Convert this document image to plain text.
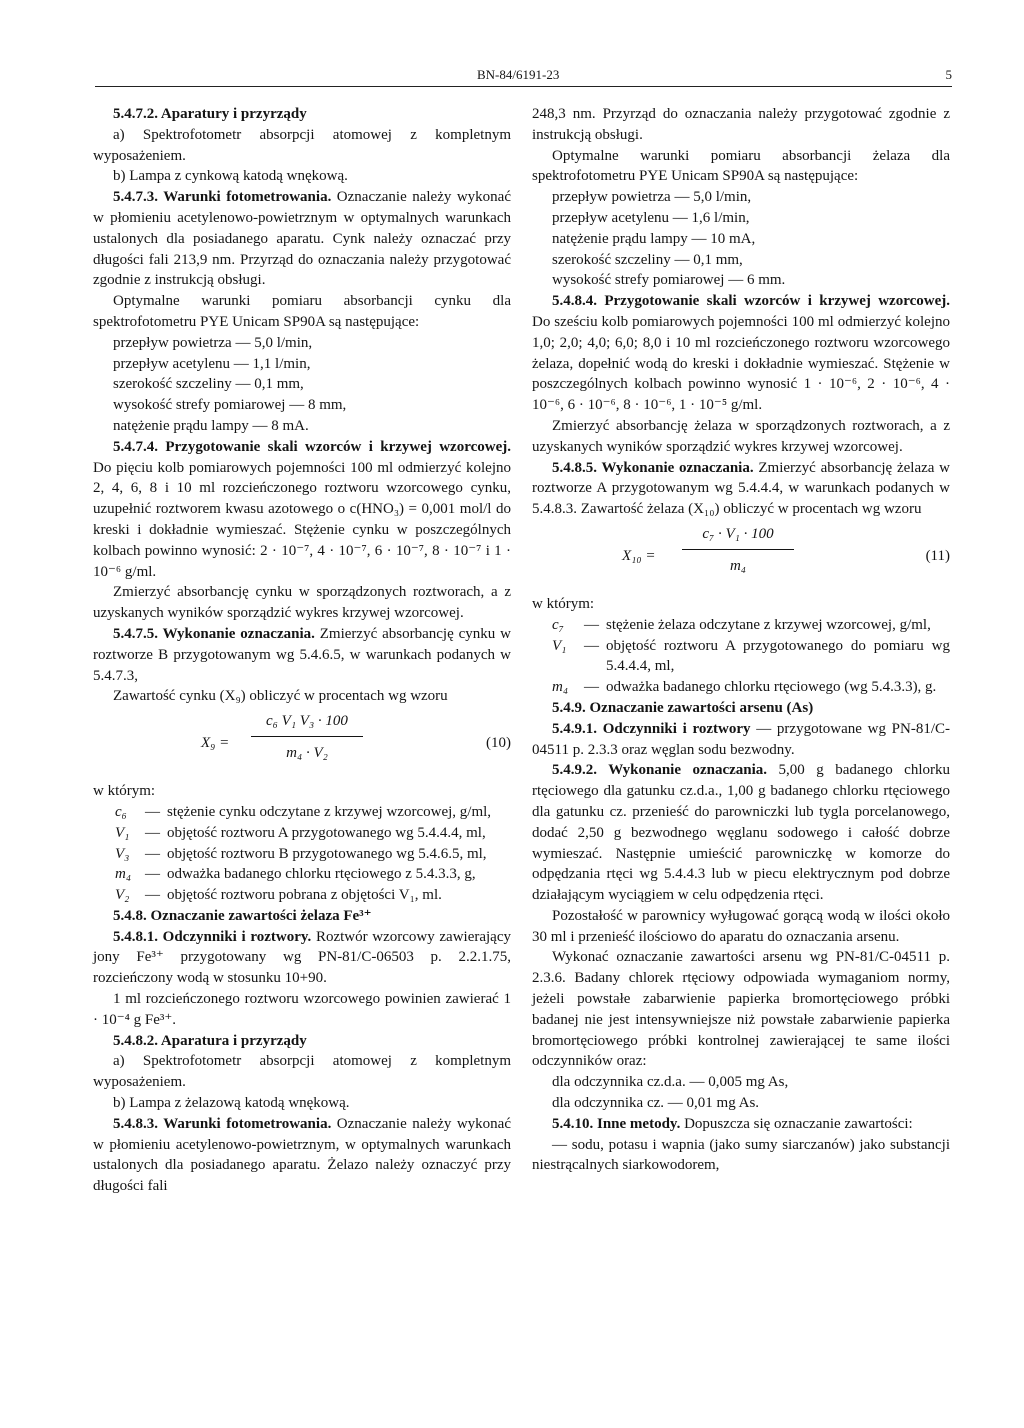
BN-84/6191-23	5

5.4.7.2. Aparatury i przyrządy

a) Spektrofotometr absorpcji atomowej z kompletnym wyposażeniem.

b) Lampa z cynkową katodą wnękową.

5.4.7.3. Warunki fotometrowania. Oznaczanie należy wykonać w płomieniu acetylenowo-powietrznym w optymalnych warunkach ustalonych dla posiadanego aparatu. Cynk należy oznaczać przy długości fali 213,9 nm. Przyrząd do oznaczania należy przygotować zgodnie z instrukcją obsługi.

Optymalne warunki pomiaru absorbancji cynku dla spektrofotometru PYE Unicam SP90A są następujące:

przepływ powietrza — 5,0 l/min,

przepływ acetylenu — 1,1 l/min,

szerokość szczeliny — 0,1 mm,

wysokość strefy pomiarowej — 8 mm,

natężenie prądu lampy — 8 mA.

5.4.7.4. Przygotowanie skali wzorców i krzywej wzorcowej. Do pięciu kolb pomiarowych pojemności 100 ml odmierzyć kolejno 2, 4, 6, 8 i 10 ml rozcieńczonego roztworu wzorcowego cynku, uzupełnić roztworem kwasu azotowego o c(HNO₃) = 0,001 mol/l do kreski i dokładnie wymieszać. Stężenie cynku w poszczególnych kolbach powinno wynosić: 2 · 10⁻⁷, 4 · 10⁻⁷, 6 · 10⁻⁷, 8 · 10⁻⁷ i 1 · 10⁻⁶ g/ml.

Zmierzyć absorbancję cynku w sporządzonych roztworach, a z uzyskanych wyników sporządzić wykres krzywej wzorcowej.

5.4.7.5. Wykonanie oznaczania. Zmierzyć absorbancję cynku w roztworze B przygotowanym wg 5.4.6.5, w warunkach podanych w 5.4.7.3,

Zawartość cynku (X₉) obliczyć w procentach wg wzoru

X₉ =
c₆ V₁ V₃ · 100
m₄ · V₂
(10)

w którym:

c₆	— stężenie cynku odczytane z krzywej wzorcowej, g/ml,
V₁	— objętość roztworu A przygotowanego wg 5.4.4.4, ml,
V₃	— objętość roztworu B przygotowanego wg 5.4.6.5, ml,
m₄ — odważka badanego chlorku rtęciowego z 5.4.3.3, g,
V₂	— objętość roztworu pobrana z objętości V₁, ml.

5.4.8. Oznaczanie zawartości żelaza Fe³⁺

5.4.8.1. Odczynniki i roztwory. Roztwór wzorcowy zawierający jony Fe³⁺ przygotowany wg PN-81/C-06503 p. 2.2.1.75, rozcieńczony wodą w stosunku 10+90.

1 ml rozcieńczonego roztworu wzorcowego powinien zawierać 1 · 10⁻⁴ g Fe³⁺.

5.4.8.2. Aparatura i przyrządy

a) Spektrofotometr absorpcji atomowej z kompletnym wyposażeniem.

b) Lampa z żelazową katodą wnękową.

5.4.8.3. Warunki fotometrowania. Oznaczanie należy wykonać w płomieniu acetylenowo-powietrznym, w optymalnych warunkach ustalonych dla posiadanego aparatu. Żelazo należy oznaczyć przy długości fali

248,3 nm. Przyrząd do oznaczania należy przygotować zgodnie z instrukcją obsługi.

Optymalne warunki pomiaru absorbancji żelaza dla spektrofotometru PYE Unicam SP90A są następujące:

przepływ powietrza — 5,0 l/min,

przepływ acetylenu — 1,6 l/min,

natężenie prądu lampy — 10 mA,

szerokość szczeliny — 0,1 mm,

wysokość strefy pomiarowej — 6 mm.

5.4.8.4. Przygotowanie skali wzorców i krzywej wzorcowej. Do sześciu kolb pomiarowych pojemności 100 ml odmierzyć kolejno 1,0; 2,0; 4,0; 6,0; 8,0 i 10 ml rozcieńczonego roztworu wzorcowego żelaza, dopełnić wodą do kreski i dokładnie wymieszać. Stężenie w poszczególnych kolbach powinno wynosić 1 · 10⁻⁶, 2 · 10⁻⁶, 4 · 10⁻⁶, 6 · 10⁻⁶, 8 · 10⁻⁶, 1 · 10⁻⁵ g/ml.

Zmierzyć absorbancję żelaza w sporządzonych roztworach, a z uzyskanych wyników sporządzić wykres krzywej wzorcowej.

5.4.8.5. Wykonanie oznaczania. Zmierzyć absorbancję żelaza w roztworze A przygotowanym wg 5.4.4.4, w warunkach podanych w 5.4.8.3. Zawartość żelaza (X₁₀) obliczyć w procentach wg wzoru

X₁₀ =
c₇ · V₁ · 100
m₄
(11)

w którym:

c₇	— stężenie żelaza odczytane z krzywej wzorcowej, g/ml,
V₁	— objętość roztworu A przygotowanego do pomiaru wg 5.4.4.4, ml,
m₄	— odważka badanego chlorku rtęciowego (wg 5.4.3.3), g.

5.4.9. Oznaczanie zawartości arsenu (As)

5.4.9.1. Odczynniki i roztwory — przygotowane wg PN-81/C-04511 p. 2.3.3 oraz węglan sodu bezwodny.

5.4.9.2. Wykonanie oznaczania. 5,00 g badanego chlorku rtęciowego dla gatunku cz.d.a., 1,00 g badanego chlorku rtęciowego dla gatunku cz. przenieść do parowniczki lub tygla porcelanowego, dodać 2,50 g bezwodnego węglanu sodowego i całość dobrze wymieszać. Następnie umieścić parowniczkę w komorze do odpędzania rtęci wg 5.4.4.3 lub w piecu elektrycznym pod dobrze działającym wyciągiem w celu odpędzenia rtęci.

Pozostałość w parownicy wyługować gorącą wodą w ilości około 30 ml i przenieść ilościowo do aparatu do oznaczania arsenu.

Wykonać oznaczanie zawartości arsenu wg PN-81/C-04511 p. 2.3.6. Badany chlorek rtęciowy odpowiada wymaganiom normy, jeżeli powstałe zabarwienie papierka bromortęciowego próbki badanej nie jest intensywniejsze niż powstałe zabarwienie papierka bromortęciowego próbki kontrolnej zawierającej te same ilości odczynników oraz:

dla odczynnika cz.d.a. — 0,005 mg As,

dla odczynnika cz. — 0,01 mg As.

5.4.10. Inne metody. Dopuszcza się oznaczanie zawartości:

— sodu, potasu i wapnia (jako sumy siarczanów) jako substancji niestrącalnych siarkowodorem,
